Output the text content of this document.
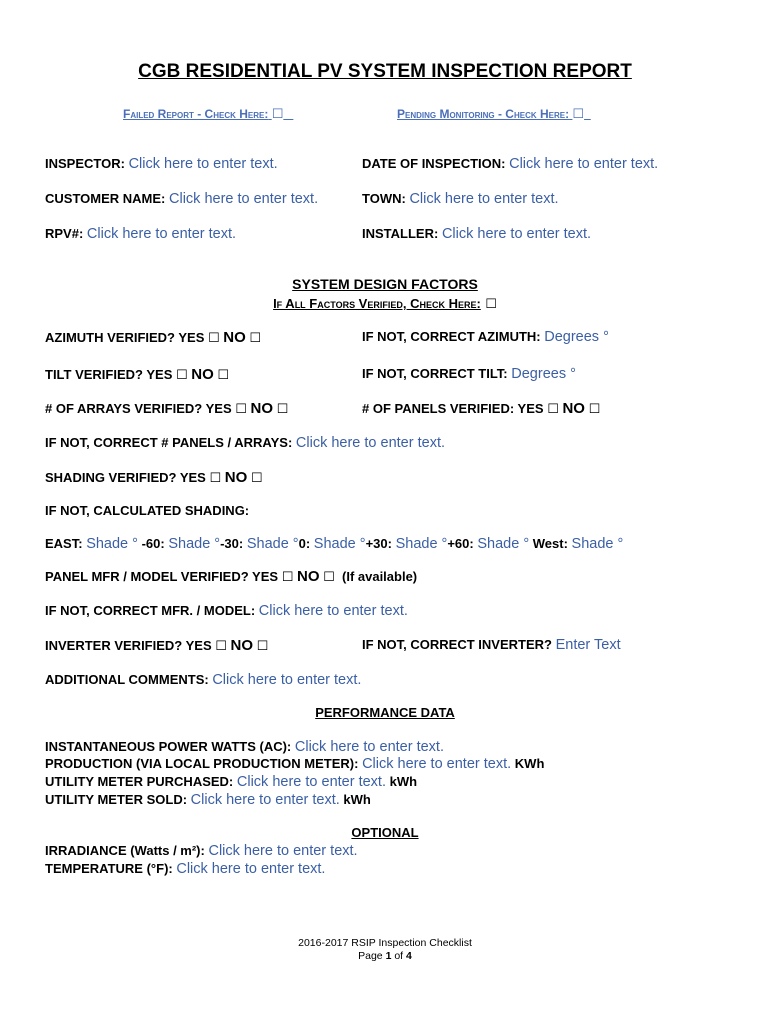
CGB RESIDENTIAL PV SYSTEM INSPECTION REPORT
Failed Report - Check Here: ☐	Pending Monitoring - Check Here: ☐
INSPECTOR: Click here to enter text.	DATE OF INSPECTION: Click here to enter text.
CUSTOMER NAME: Click here to enter text.	TOWN: Click here to enter text.
RPV#: Click here to enter text.	INSTALLER: Click here to enter text.
SYSTEM DESIGN FACTORS
If All Factors Verified, Check Here: ☐
AZIMUTH VERIFIED? YES ☐ NO ☐	IF NOT, CORRECT AZIMUTH: Degrees °
TILT VERIFIED? YES ☐ NO ☐	IF NOT, CORRECT TILT: Degrees °
# OF ARRAYS VERIFIED? YES ☐ NO ☐	# OF PANELS VERIFIED: YES ☐ NO ☐
IF NOT, CORRECT # PANELS / ARRAYS: Click here to enter text.
SHADING VERIFIED? YES ☐ NO ☐
IF NOT, CALCULATED SHADING:
EAST: Shade ° -60: Shade °-30: Shade °0: Shade °+30: Shade °+60: Shade ° West: Shade °
PANEL MFR / MODEL VERIFIED? YES ☐ NO ☐ (If available)
IF NOT, CORRECT MFR. / MODEL: Click here to enter text.
INVERTER VERIFIED? YES ☐ NO ☐	IF NOT, CORRECT INVERTER? Enter Text
ADDITIONAL COMMENTS: Click here to enter text.
PERFORMANCE DATA
INSTANTANEOUS POWER WATTS (AC): Click here to enter text.
PRODUCTION (VIA LOCAL PRODUCTION METER): Click here to enter text. KWh
UTILITY METER PURCHASED: Click here to enter text. kWh
UTILITY METER SOLD: Click here to enter text. kWh
OPTIONAL
IRRADIANCE (Watts / m²): Click here to enter text.
TEMPERATURE (°F): Click here to enter text.
2016-2017 RSIP Inspection Checklist
Page 1 of 4
